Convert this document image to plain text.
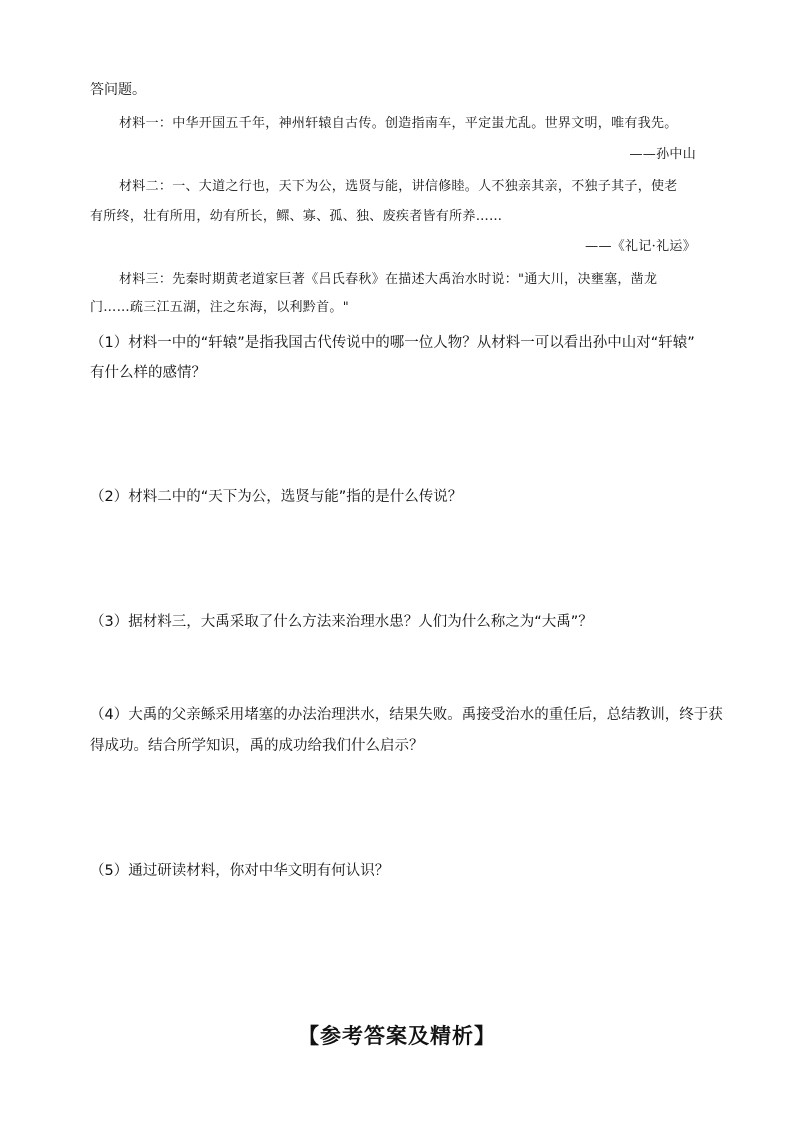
答问题。
材料一：中华开国五千年，神州轩辕自古传。创造指南车，平定蚩尤乱。世界文明，唯有我先。
——孙中山
材料二：一、大道之行也，天下为公，选贤与能，讲信修睦。人不独亲其亲，不独子其子，使老
有所终，壮有所用，幼有所长，鳏、寡、孤、独、废疾者皆有所养……
——《礼记·礼运》
材料三：先秦时期黄老道家巨著《吕氏春秋》在描述大禹治水时说："通大川，决壅塞，凿龙
门……疏三江五湖，注之东海，以利黔首。"
（1）材料一中的“轩辕”是指我国古代传说中的哪一位人物？从材料一可以看出孙中山对“轩辕”
有什么样的感情？
（2）材料二中的“天下为公，选贤与能”指的是什么传说？
（3）据材料三，大禹采取了什么方法来治理水患？人们为什么称之为“大禹”？
（4）大禹的父亲鲧采用堵塞的办法治理洪水，结果失败。禹接受治水的重任后，总结教训，终于获
得成功。结合所学知识，禹的成功给我们什么启示？
（5）通过研读材料，你对中华文明有何认识？
【参考答案及精析】
